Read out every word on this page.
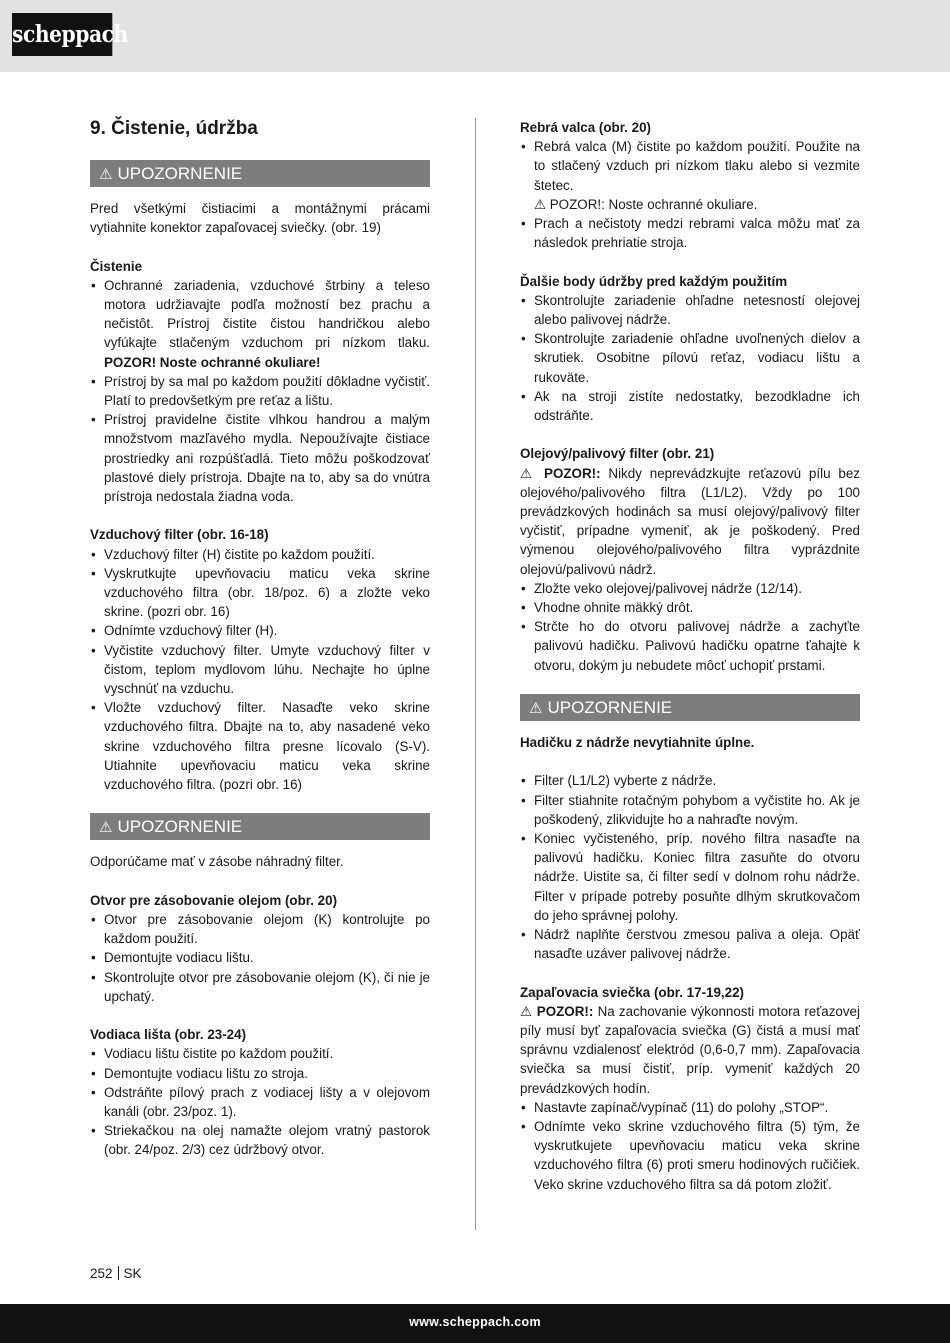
scheppach
9. Čistenie, údržba
⚠ UPOZORNENIE

Pred všetkými čistiacimi a montážnymi prácami vytiahnite konektor zapaľovacej sviečky. (obr. 19)

Čistenie

• Ochranné zariadenia, vzduchové štrbiny a teleso motora udržiavajte podľa možností bez prachu a nečistôt. Prístroj čistite čistou handričkou alebo vyfúkajte stlačeným vzduchom pri nízkom tlaku. POZOR! Noste ochranné okuliare!
• Prístroj by sa mal po každom použití dôkladne vyčistiť. Platí to predovšetkým pre reťaz a lištu.
• Prístroj pravidelne čistite vlhkou handrou a malým množstvom mazľavého mydla. Nepoužívajte čistiace prostriedky ani rozpúšťadlá. Tieto môžu poškodzovať plastové diely prístroja. Dbajte na to, aby sa do vnútra prístroja nedostala žiadna voda.

Vzduchový filter (obr. 16-18)

• Vzduchový filter (H) čistite po každom použití.
• Vyskrutkujte upevňovaciu maticu veka skrine vzduchového filtra (obr. 18/poz. 6) a zložte veko skrine. (pozri obr. 16)
• Odnímte vzduchový filter (H).
• Vyčistite vzduchový filter. Umyte vzduchový filter v čistom, teplom mydlovom lúhu. Nechajte ho úplne vyschnúť na vzduchu.
• Vložte vzduchový filter. Nasaďte veko skrine vzduchového filtra. Dbajte na to, aby nasadené veko skrine vzduchového filtra presne lícovalo (S-V). Utiahnite upevňovaciu maticu veka skrine vzduchového filtra. (pozri obr. 16)
⚠ UPOZORNENIE

Odporúčame mať v zásobe náhradný filter.

Otvor pre zásobovanie olejom (obr. 20)

• Otvor pre zásobovanie olejom (K) kontrolujte po každom použití.
• Demontujte vodiacu lištu.
• Skontrolujte otvor pre zásobovanie olejom (K), či nie je upchatý.

Vodiaca lišta (obr. 23-24)

• Vodiacu lištu čistite po každom použití.
• Demontujte vodiacu lištu zo stroja.
• Odstráňte pílový prach z vodiacej lišty a v olejovom kanáli (obr. 23/poz. 1).
• Striekačkou na olej namažte olejom vratný pastorok (obr. 24/poz. 2/3) cez údržbový otvor.

Rebrá valca (obr. 20)

• Rebrá valca (M) čistite po každom použití. Použite na to stlačený vzduch pri nízkom tlaku alebo si vezmite štetec.
⚠ POZOR!: Noste ochranné okuliare.
• Prach a nečistoty medzi rebrami valca môžu mať za následok prehriatie stroja.

Ďalšie body údržby pred každým použitím

• Skontrolujte zariadenie ohľadne netesností olejovej alebo palivovej nádrže.
• Skontrolujte zariadenie ohľadne uvoľnených dielov a skrutiek. Osobitne pílovú reťaz, vodiacu lištu a rukoväte.
• Ak na stroji zistíte nedostatky, bezodkladne ich odstráňte.

Olejový/palivový filter (obr. 21)

⚠ POZOR!: Nikdy neprevádzkujte reťazovú pílu bez olejového/palivového filtra (L1/L2). Vždy po 100 prevádzkových hodinách sa musí olejový/palivový filter vyčistiť, prípadne vymeniť, ak je poškodený. Pred výmenou olejového/palivového filtra vyprázdnite olejovú/palivovú nádrž.

• Zložte veko olejovej/palivovej nádrže (12/14).
• Vhodne ohnite mäkký drôt.
• Strčte ho do otvoru palivovej nádrže a zachyťte palivovú hadičku. Palivovú hadičku opatrne ťahajte k otvoru, dokým ju nebudete môcť uchopiť prstami.
⚠ UPOZORNENIE

Hadičku z nádrže nevytiahnite úplne.

• Filter (L1/L2) vyberte z nádrže.
• Filter stiahnite rotačným pohybom a vyčistite ho. Ak je poškodený, zlikvidujte ho a nahraďte novým.
• Koniec vyčisteného, príp. nového filtra nasaďte na palivovú hadičku. Koniec filtra zasuňte do otvoru nádrže. Uistite sa, či filter sedí v dolnom rohu nádrže. Filter v prípade potreby posuňte dlhým skrutkovačom do jeho správnej polohy.
• Nádrž naplňte čerstvou zmesou paliva a oleja. Opäť nasaďte uzáver palivovej nádrže.

Zapaľovacia sviečka (obr. 17-19,22)

⚠ POZOR!: Na zachovanie výkonnosti motora reťazovej píly musí byť zapaľovacia sviečka (G) čistá a musí mať správnu vzdialenosť elektród (0,6-0,7 mm). Zapaľovacia sviečka sa musí čistiť, príp. vymeniť každých 20 prevádzkových hodín.

• Nastavte zapínač/vypínač (11) do polohy „STOP“.
• Odnímte veko skrine vzduchového filtra (5) tým, že vyskrutkujete upevňovaciu maticu veka skrine vzduchového filtra (6) proti smeru hodinových ručičiek. Veko skrine vzduchového filtra sa dá potom zložiť.
252 SK
www.scheppach.com
